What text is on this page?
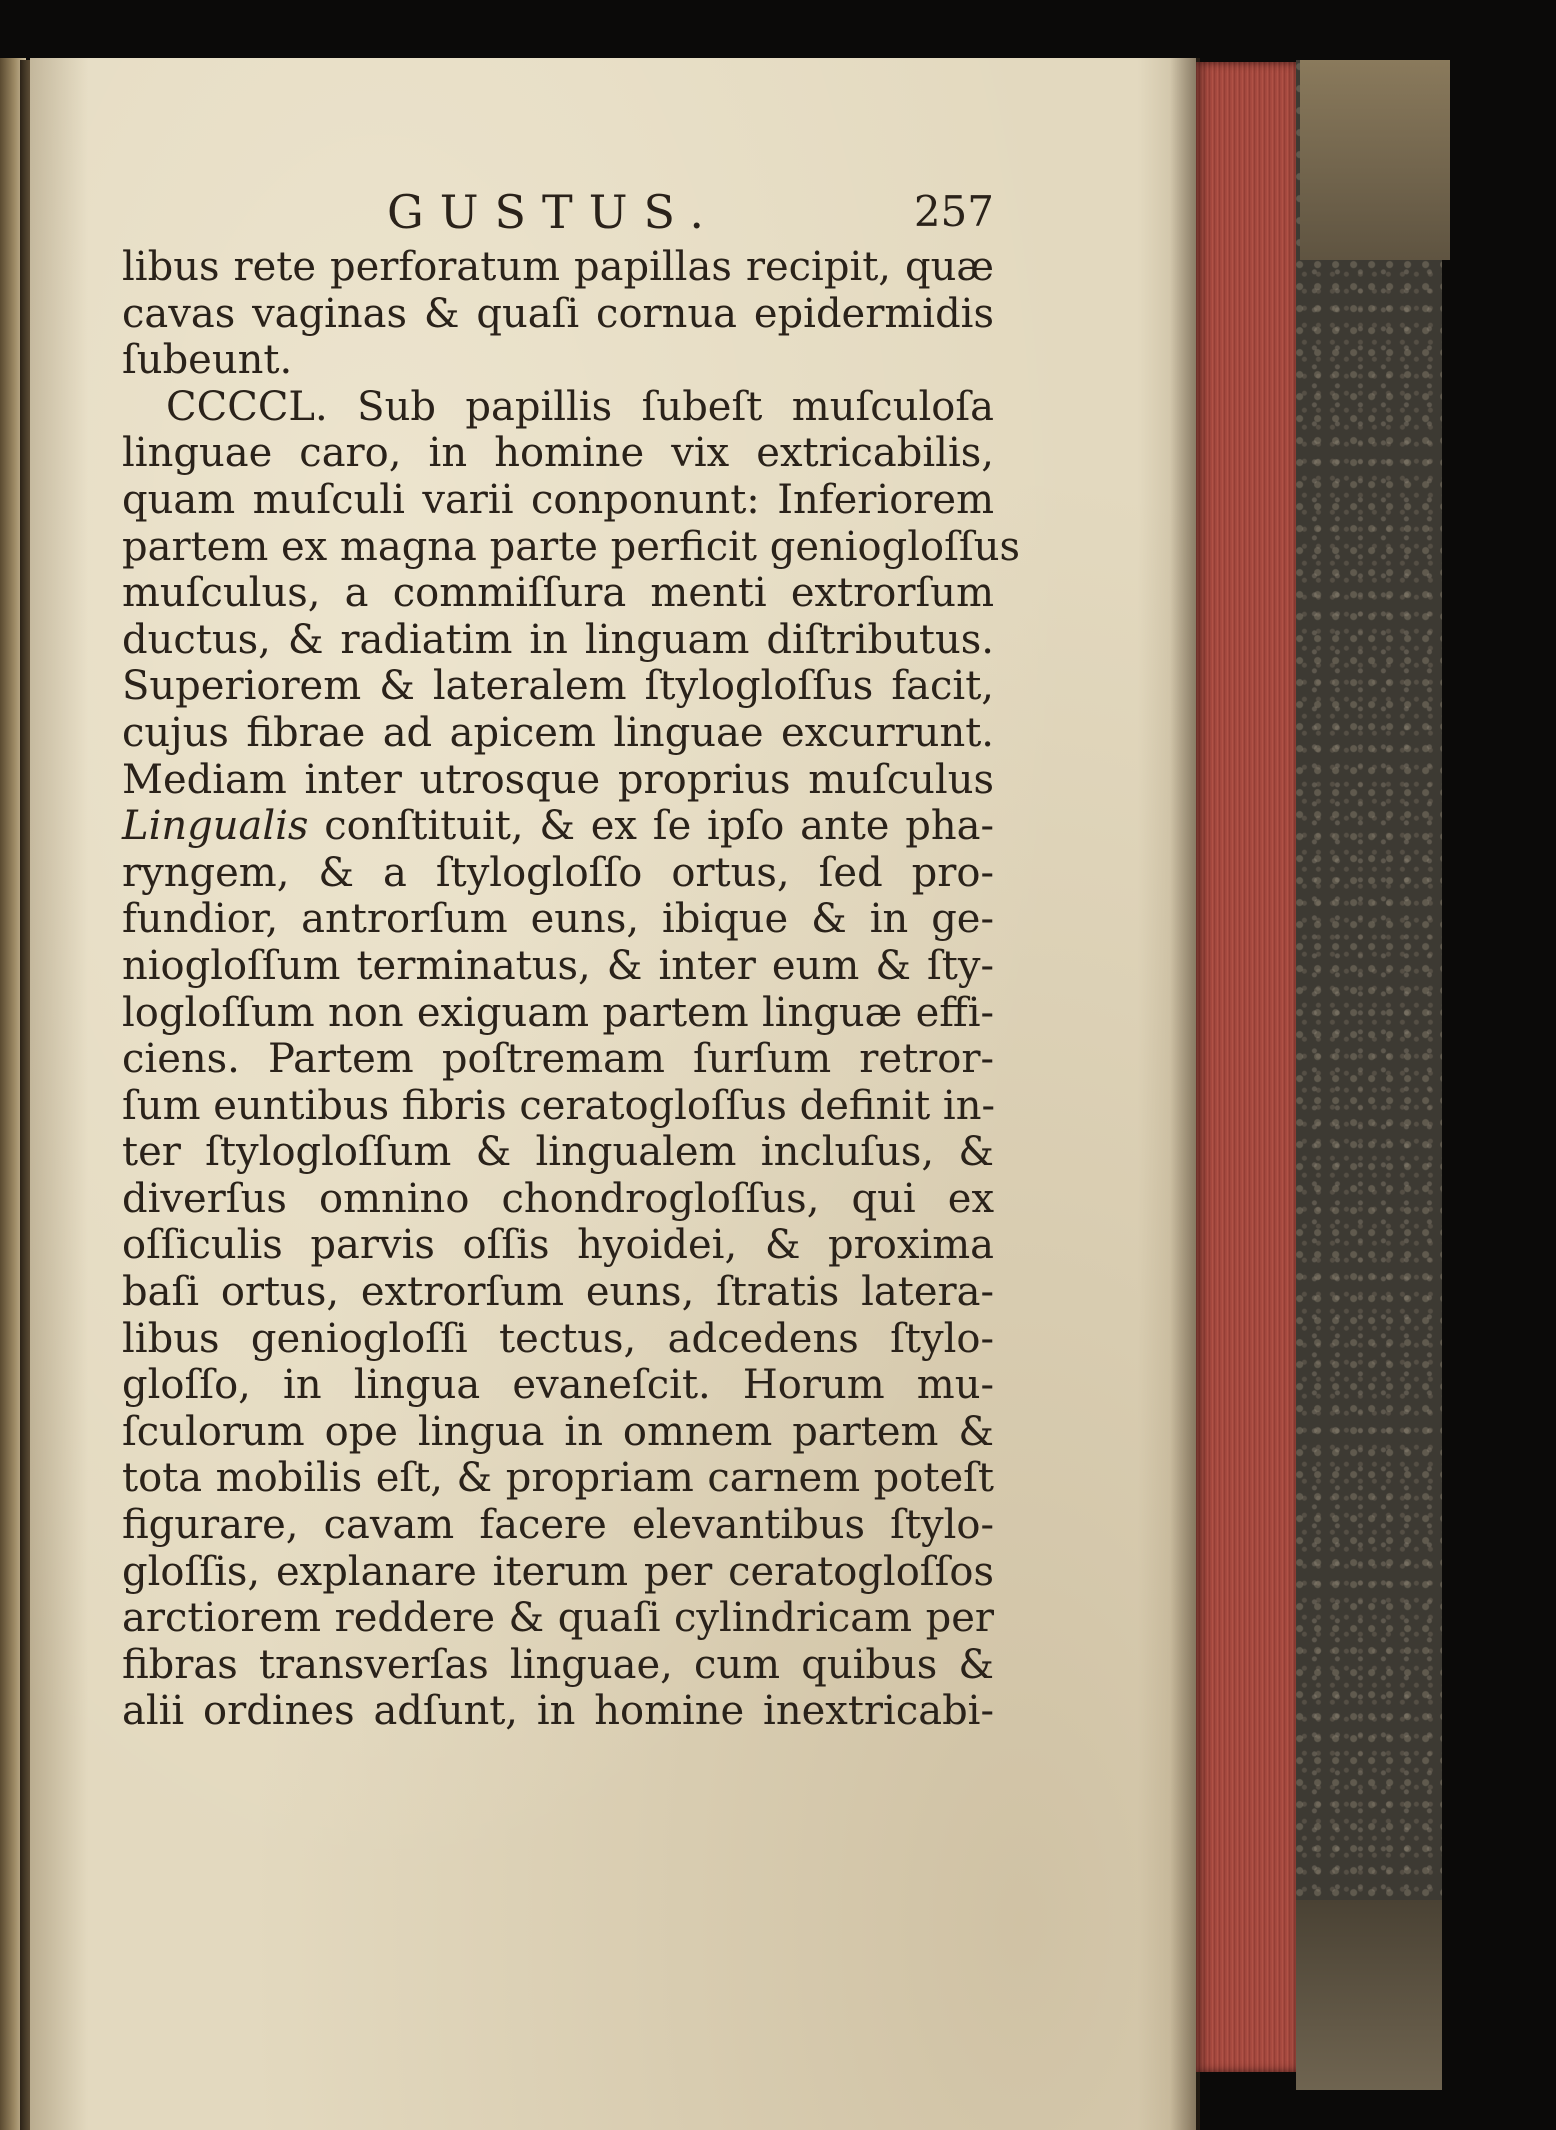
GUSTUS.	257
libus rete perforatum papillas recipit, quæ
cavas vaginas & quaſi cornua epidermidis
ſubeunt.
CCCCL. Sub papillis ſubeſt muſculoſa
linguae caro, in homine vix extricabilis,
quam muſculi varii conponunt: Inferiorem
partem ex magna parte perficit geniogloſſus
muſculus, a commiſſura menti extrorſum
ductus, & radiatim in linguam diſtributus.
Superiorem & lateralem ſtylogloſſus facit,
cujus fibrae ad apicem linguae excurrunt.
Mediam inter utrosque proprius muſculus
Lingualis conſtituit, & ex ſe ipſo ante pha-
ryngem, & a ſtylogloſſo ortus, ſed pro-
fundior, antrorſum euns, ibique & in ge-
niogloſſum terminatus, & inter eum & ſty-
logloſſum non exiguam partem linguæ effi-
ciens. Partem poſtremam ſurſum retror-
ſum euntibus fibris ceratogloſſus definit in-
ter ſtylogloſſum & lingualem incluſus, &
diverſus omnino chondrogloſſus, qui ex
oſſiculis parvis oſſis hyoidei, & proxima
baſi ortus, extrorſum euns, ſtratis latera-
libus geniogloſſi tectus, adcedens ſtylo-
gloſſo, in lingua evaneſcit. Horum mu-
ſculorum ope lingua in omnem partem &
tota mobilis eſt, & propriam carnem poteſt
figurare, cavam facere elevantibus ſtylo-
gloſſis, explanare iterum per ceratogloſſos
arctiorem reddere & quaſi cylindricam per
fibras transverſas linguae, cum quibus &
alii ordines adſunt, in homine inextricabi-
